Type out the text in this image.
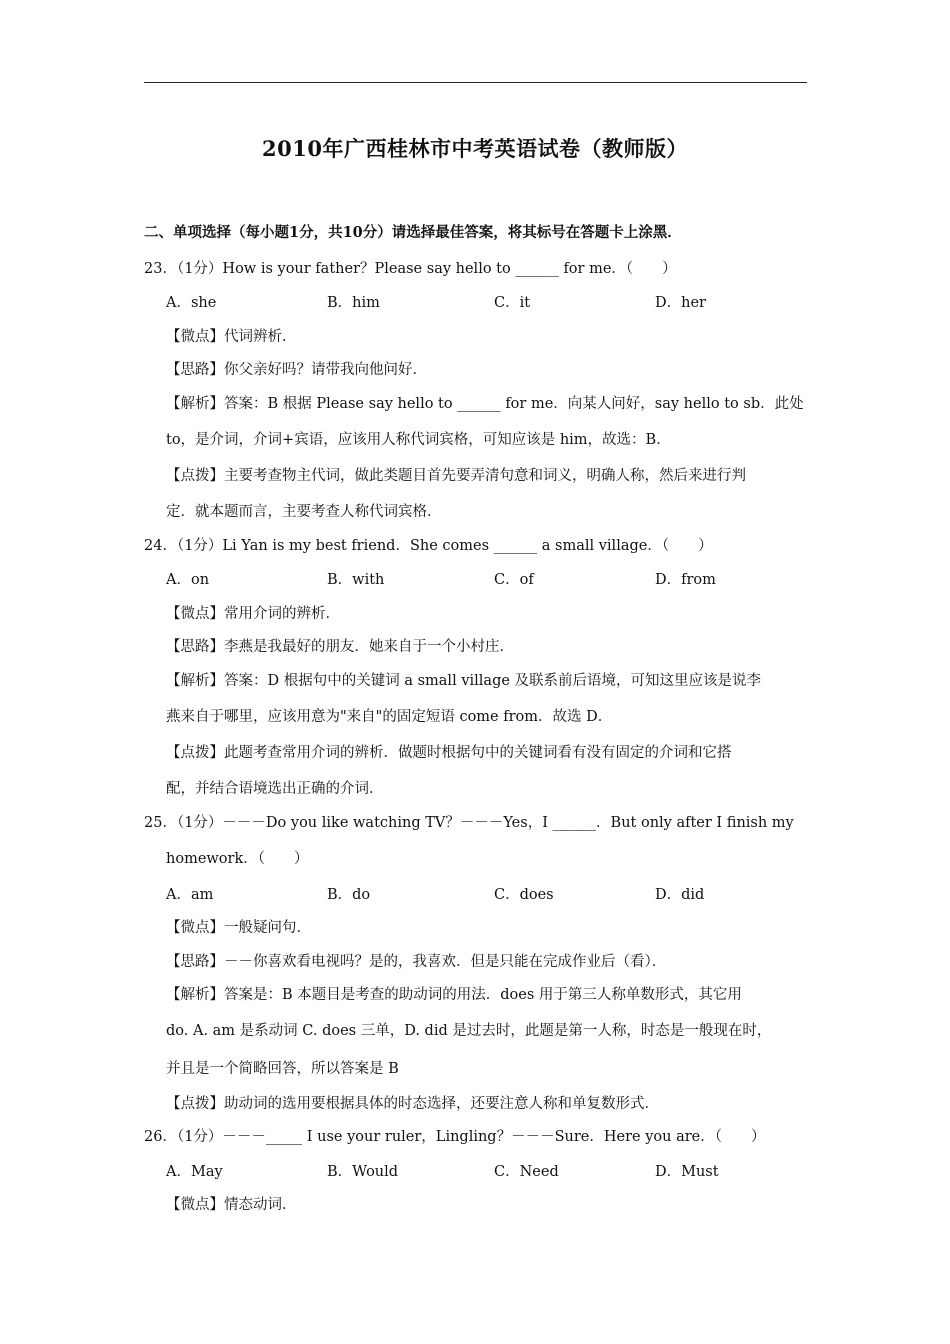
2010年广西桂林市中考英语试卷（教师版）
二、单项选择（每小题1分，共10分）请选择最佳答案，将其标号在答题卡上涂黑．
23．（1分）How is your father？Please say hello to ______ for me．（　　）
A．she	B．him	C．it	D．her
【微点】代词辨析．
【思路】你父亲好吗？请带我向他问好．
【解析】答案：B 根据 Please say hello to ______ for me．向某人问好，say hello to sb．此处
to，是介词，介词+宾语，应该用人称代词宾格，可知应该是 him，故选：B．
【点拨】主要考查物主代词，做此类题目首先要弄清句意和词义，明确人称，然后来进行判
定．就本题而言，主要考查人称代词宾格．
24．（1分）Li Yan is my best friend．She comes ______ a small village．（　　）
A．on	B．with	C．of	D．from
【微点】常用介词的辨析．
【思路】李燕是我最好的朋友．她来自于一个小村庄．
【解析】答案：D 根据句中的关键词 a small village 及联系前后语境，可知这里应该是说李
燕来自于哪里，应该用意为"来自"的固定短语 come from．故选 D．
【点拨】此题考查常用介词的辨析．做题时根据句中的关键词看有没有固定的介词和它搭
配，并结合语境选出正确的介词．
25．（1分）－－－Do you like watching TV？－－－Yes，I ______．But only after I finish my
homework．（　　）
A．am	B．do	C．does	D．did
【微点】一般疑问句．
【思路】－－你喜欢看电视吗？是的，我喜欢．但是只能在完成作业后（看）．
【解析】答案是：B 本题目是考查的助动词的用法．does 用于第三人称单数形式，其它用
do. A. am 是系动词 C. does 三单，D. did 是过去时，此题是第一人称，时态是一般现在时，
并且是一个简略回答，所以答案是 B
【点拨】助动词的选用要根据具体的时态选择，还要注意人称和单复数形式．
26．（1分）－－－_____ I use your ruler，Lingling？－－－Sure．Here you are．（　　）
A．May	B．Would	C．Need	D．Must
【微点】情态动词．
